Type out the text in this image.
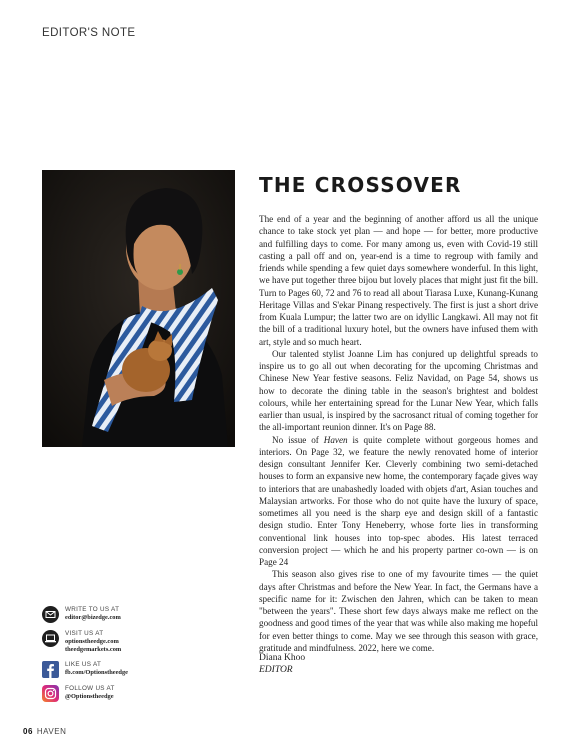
EDITOR'S NOTE
THE CROSSOVER

The end of a year and the beginning of another afford us all the unique chance to take stock yet plan — and hope — for better, more productive and fulfilling days to come. For many among us, even with Covid-19 still casting a pall off and on, year-end is a time to regroup with family and friends while spending a few quiet days somewhere wonderful. In this light, we have put together three bijou but lovely places that might just fit the bill. Turn to Pages 60, 72 and 76 to read all about Tiarasa Luxe, Kunang-Kunang Heritage Villas and S'ekar Pinang respectively. The first is just a short drive from Kuala Lumpur; the latter two are on idyllic Langkawi. All may not fit the bill of a traditional luxury hotel, but the owners have infused them with art, style and so much heart.

Our talented stylist Joanne Lim has conjured up delightful spreads to inspire us to go all out when decorating for the upcoming Christmas and Chinese New Year festive seasons. Feliz Navidad, on Page 54, shows us how to decorate the dining table in the season's brightest and boldest colours, while her entertaining spread for the Lunar New Year, which falls earlier than usual, is inspired by the sacrosanct ritual of coming together for the all-important reunion dinner. It's on Page 88.

No issue of Haven is quite complete without gorgeous homes and interiors. On Page 32, we feature the newly renovated home of interior design consultant Jennifer Ker. Cleverly combining two semi-detached houses to form an expansive new home, the contemporary façade gives way to interiors that are unabashedly loaded with objets d'art, Asian touches and Malaysian artworks. For those who do not quite have the luxury of space, sometimes all you need is the sharp eye and design skill of a fantastic design studio. Enter Tony Heneberry, whose forte lies in transforming conventional link houses into top-spec abodes. His latest terraced conversion project — which he and his property partner co-own — is on Page 24

This season also gives rise to one of my favourite times — the quiet days after Christmas and before the New Year. In fact, the Germans have a specific name for it: Zwischen den Jahren, which can be taken to mean "between the years". These short few days always make me reflect on the goodness and good times of the year that was while also making me hopeful for even better things to come. May we see through this season with grace, gratitude and mindfulness. 2022, here we come.

Diana Khoo
EDITOR
WRITE TO US AT
editor@bizedge.com
VISIT US AT
optionstheedge.com
theedgemarkets.com
LIKE US AT
fb.com/Optionstheedge
FOLLOW US AT
@Optionstheedge
06 HAVEN
